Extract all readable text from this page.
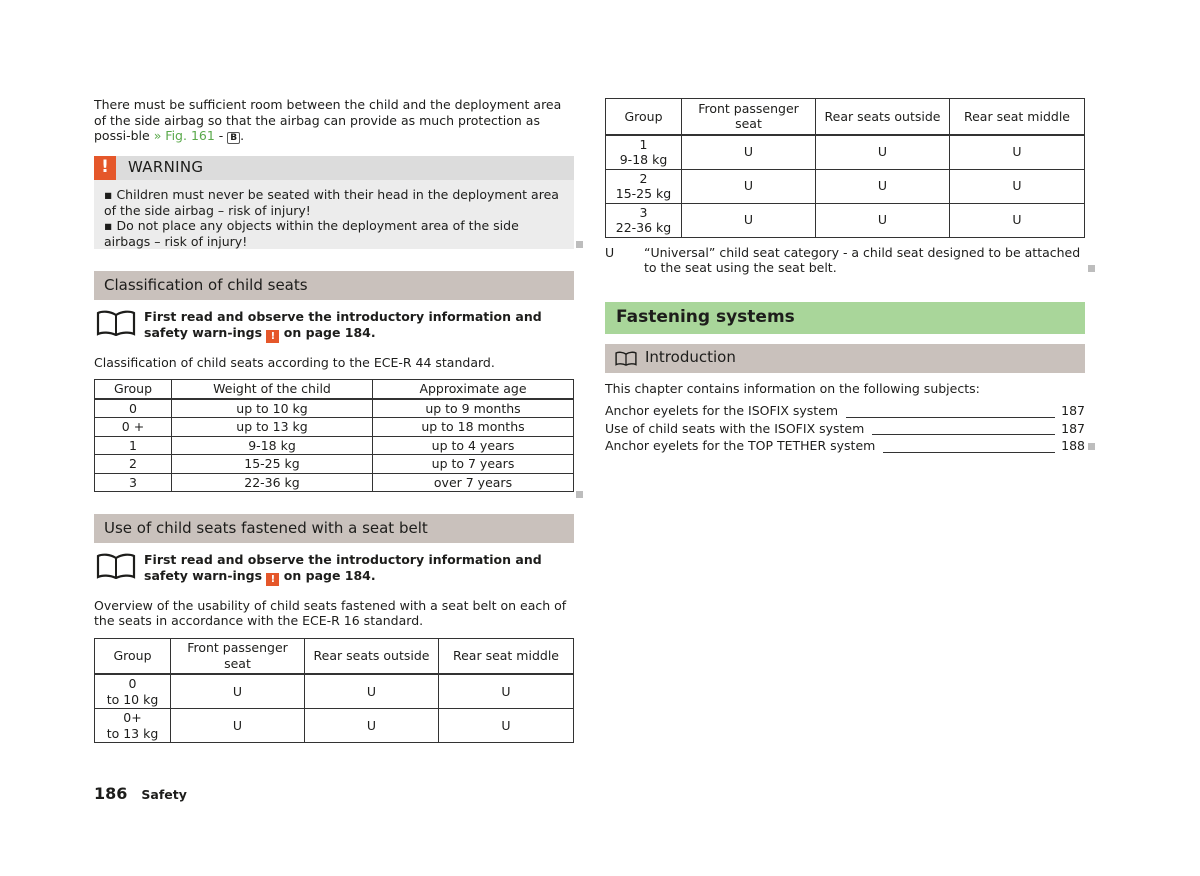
There must be sufficient room between the child and the deployment area of the side airbag so that the airbag can provide as much protection as possi-ble » Fig. 161 - B .

!	WARNING

▪ Children must never be seated with their head in the deployment area of the side airbag – risk of injury!

▪ Do not place any objects within the deployment area of the side airbags – risk of injury!

Classification of child seats
First read and observe the introductory information and safety warn-ings ! on page 184.

Classification of child seats according to the ECE-R 44 standard.

Group	Weight of the child	Approximate age
0	up to 10 kg	up to 9 months
0 +	up to 13 kg	up to 18 months
1	9-18 kg	up to 4 years
2	15-25 kg	up to 7 years
3	22-36 kg	over 7 years
Use of child seats fastened with a seat belt
First read and observe the introductory information and safety warn-ings ! on page 184.

Overview of the usability of child seats fastened with a seat belt on each of the seats in accordance with the ECE-R 16 standard.

Group	Front passenger seat	Rear seats outside	Rear seat middle

0
to 10 kg	U	U	U

0+
to 13 kg	U	U	U
Group	Front passenger seat	Rear seats outside	Rear seat middle

1
9-18 kg	U	U	U

2
15-25 kg	U	U	U

3
22-36 kg	U	U	U
U	“Universal” child seat category - a child seat designed to be attached to the seat using the seat belt.
Fastening systems
Introduction

This chapter contains information on the following subjects:

Anchor eyelets for the ISOFIX system	187
Use of child seats with the ISOFIX system	187
Anchor eyelets for the TOP TETHER system	188
186 Safety
